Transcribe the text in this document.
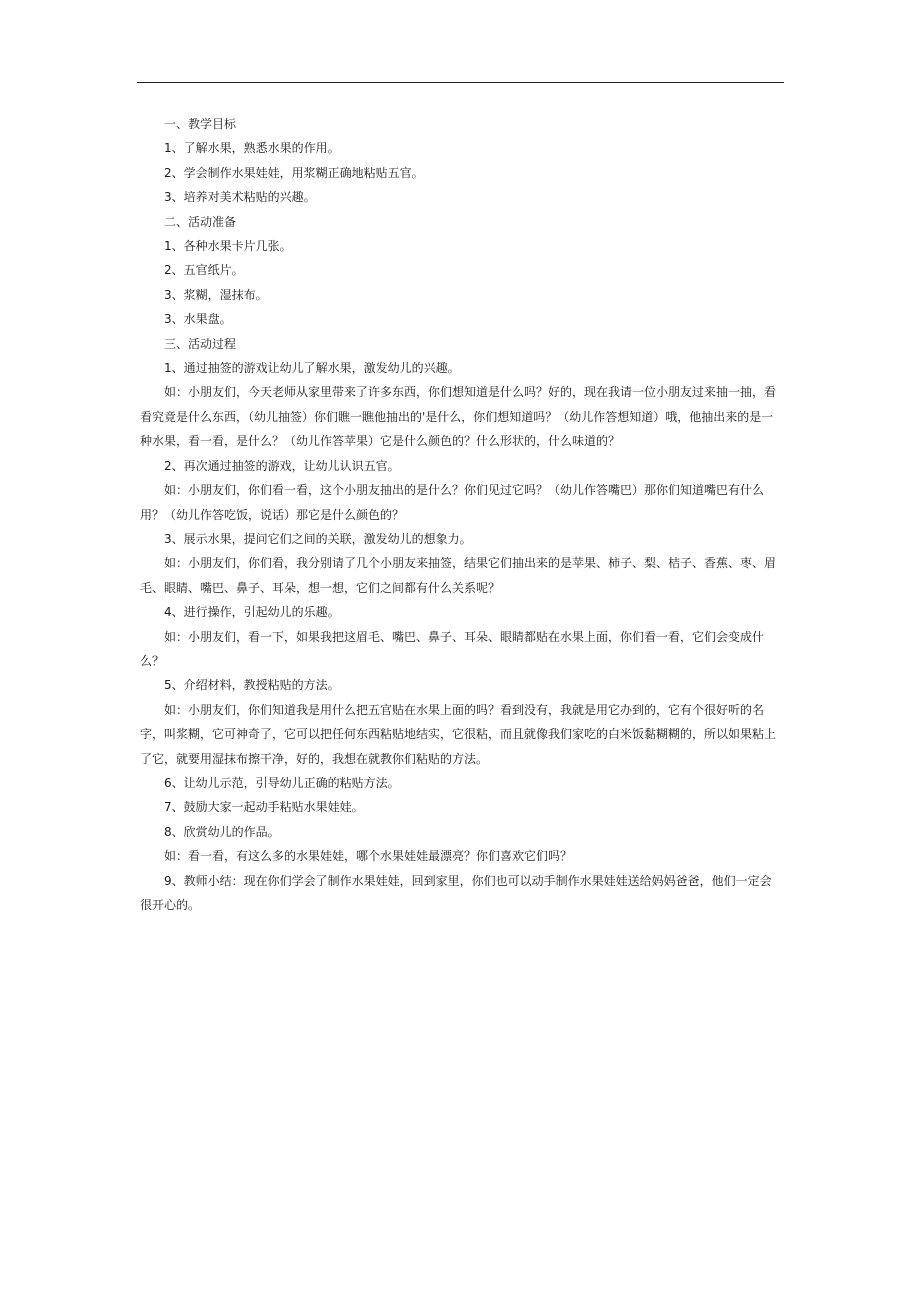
一、教学目标

1、了解水果，熟悉水果的作用。

2、学会制作水果娃娃，用浆糊正确地粘贴五官。

3、培养对美术粘贴的兴趣。

二、活动准备

1、各种水果卡片几张。

2、五官纸片。

3、浆糊，湿抹布。

3、水果盘。

三、活动过程

1、通过抽签的游戏让幼儿了解水果，激发幼儿的兴趣。

如：小朋友们，今天老师从家里带来了许多东西，你们想知道是什么吗？好的，现在我请一位小朋友过来抽一抽，看看究竟是什么东西，（幼儿抽签）你们瞧一瞧他抽出的'是什么，你们想知道吗？（幼儿作答想知道）哦，他抽出来的是一种水果，看一看，是什么？（幼儿作答苹果）它是什么颜色的？什么形状的，什么味道的？

2、再次通过抽签的游戏，让幼儿认识五官。

如：小朋友们，你们看一看，这个小朋友抽出的是什么？你们见过它吗？（幼儿作答嘴巴）那你们知道嘴巴有什么用？（幼儿作答吃饭，说话）那它是什么颜色的？

3、展示水果，提问它们之间的关联，激发幼儿的想象力。

如：小朋友们，你们看，我分别请了几个小朋友来抽签，结果它们抽出来的是苹果、柿子、梨、桔子、香蕉、枣、眉毛、眼睛、嘴巴、鼻子、耳朵，想一想，它们之间都有什么关系呢？

4、进行操作，引起幼儿的乐趣。

如：小朋友们，看一下，如果我把这眉毛、嘴巴、鼻子、耳朵、眼睛都贴在水果上面，你们看一看，它们会变成什么？

5、介绍材料，教授粘贴的方法。

如：小朋友们，你们知道我是用什么把五官贴在水果上面的吗？看到没有，我就是用它办到的，它有个很好听的名字，叫浆糊，它可神奇了，它可以把任何东西粘贴地结实，它很粘，而且就像我们家吃的白米饭黏糊糊的，所以如果粘上了它，就要用湿抹布擦干净，好的，我想在就教你们粘贴的方法。

6、让幼儿示范，引导幼儿正确的粘贴方法。

7、鼓励大家一起动手粘贴水果娃娃。

8、欣赏幼儿的作品。

如：看一看，有这么多的水果娃娃，哪个水果娃娃最漂亮？你们喜欢它们吗？

9、教师小结：现在你们学会了制作水果娃娃，回到家里，你们也可以动手制作水果娃娃送给妈妈爸爸，他们一定会很开心的。
